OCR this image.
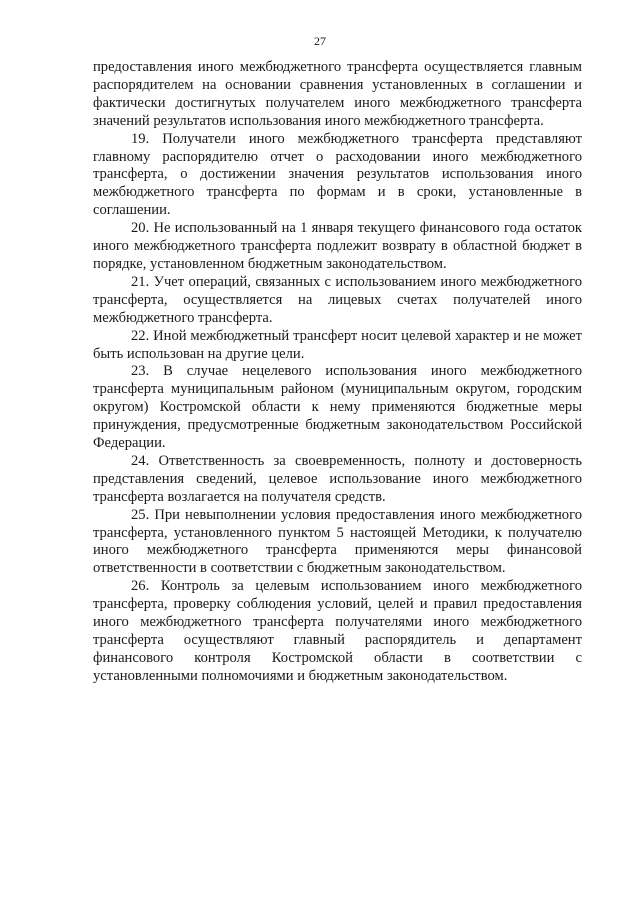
27

предоставления иного межбюджетного трансферта осуществляется главным распорядителем на основании сравнения установленных в соглашении и фактически достигнутых получателем иного межбюджетного трансферта значений результатов использования иного межбюджетного трансферта.

19. Получатели иного межбюджетного трансферта представляют главному распорядителю отчет о расходовании иного межбюджетного трансферта, о достижении значения результатов использования иного межбюджетного трансферта по формам и в сроки, установленные в соглашении.

20. Не использованный на 1 января текущего финансового года остаток иного межбюджетного трансферта подлежит возврату в областной бюджет в порядке, установленном бюджетным законодательством.

21. Учет операций, связанных с использованием иного межбюджетного трансферта, осуществляется на лицевых счетах получателей иного межбюджетного трансферта.

22. Иной межбюджетный трансферт носит целевой характер и не может быть использован на другие цели.

23. В случае нецелевого использования иного межбюджетного трансферта муниципальным районом (муниципальным округом, городским округом) Костромской области к нему применяются бюджетные меры принуждения, предусмотренные бюджетным законодательством Российской Федерации.

24. Ответственность за своевременность, полноту и достоверность представления сведений, целевое использование иного межбюджетного трансферта возлагается на получателя средств.

25. При невыполнении условия предоставления иного межбюджетного трансферта, установленного пунктом 5 настоящей Методики, к получателю иного межбюджетного трансферта применяются меры финансовой ответственности в соответствии с бюджетным законодательством.

26. Контроль за целевым использованием иного межбюджетного трансферта, проверку соблюдения условий, целей и правил предоставления иного межбюджетного трансферта получателями иного межбюджетного трансферта осуществляют главный распорядитель и департамент финансового контроля Костромской области в соответствии с установленными полномочиями и бюджетным законодательством.
